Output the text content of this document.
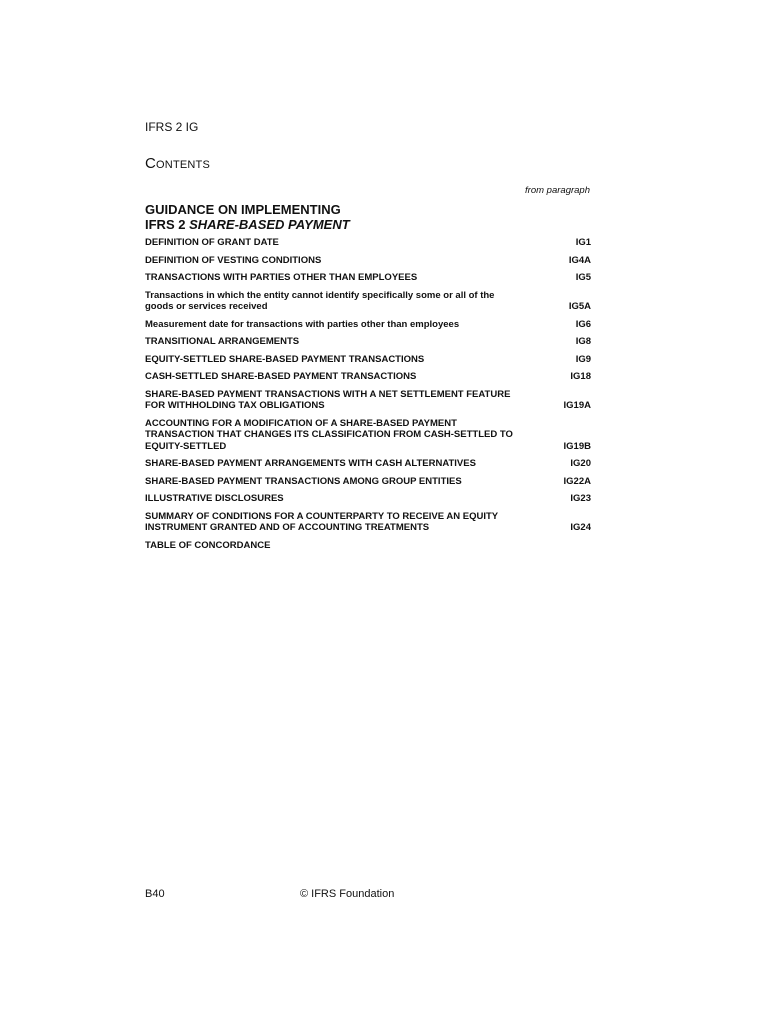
IFRS 2 IG
CONTENTS
from paragraph
GUIDANCE ON IMPLEMENTING
IFRS 2 SHARE-BASED PAYMENT
DEFINITION OF GRANT DATE	IG1
DEFINITION OF VESTING CONDITIONS	IG4A
TRANSACTIONS WITH PARTIES OTHER THAN EMPLOYEES	IG5
Transactions in which the entity cannot identify specifically some or all of the goods or services received	IG5A
Measurement date for transactions with parties other than employees	IG6
TRANSITIONAL ARRANGEMENTS	IG8
EQUITY-SETTLED SHARE-BASED PAYMENT TRANSACTIONS	IG9
CASH-SETTLED SHARE-BASED PAYMENT TRANSACTIONS	IG18
SHARE-BASED PAYMENT TRANSACTIONS WITH A NET SETTLEMENT FEATURE FOR WITHHOLDING TAX OBLIGATIONS	IG19A
ACCOUNTING FOR A MODIFICATION OF A SHARE-BASED PAYMENT TRANSACTION THAT CHANGES ITS CLASSIFICATION FROM CASH-SETTLED TO EQUITY-SETTLED	IG19B
SHARE-BASED PAYMENT ARRANGEMENTS WITH CASH ALTERNATIVES	IG20
SHARE-BASED PAYMENT TRANSACTIONS AMONG GROUP ENTITIES	IG22A
ILLUSTRATIVE DISCLOSURES	IG23
SUMMARY OF CONDITIONS FOR A COUNTERPARTY TO RECEIVE AN EQUITY INSTRUMENT GRANTED AND OF ACCOUNTING TREATMENTS	IG24
TABLE OF CONCORDANCE
B40	© IFRS Foundation
